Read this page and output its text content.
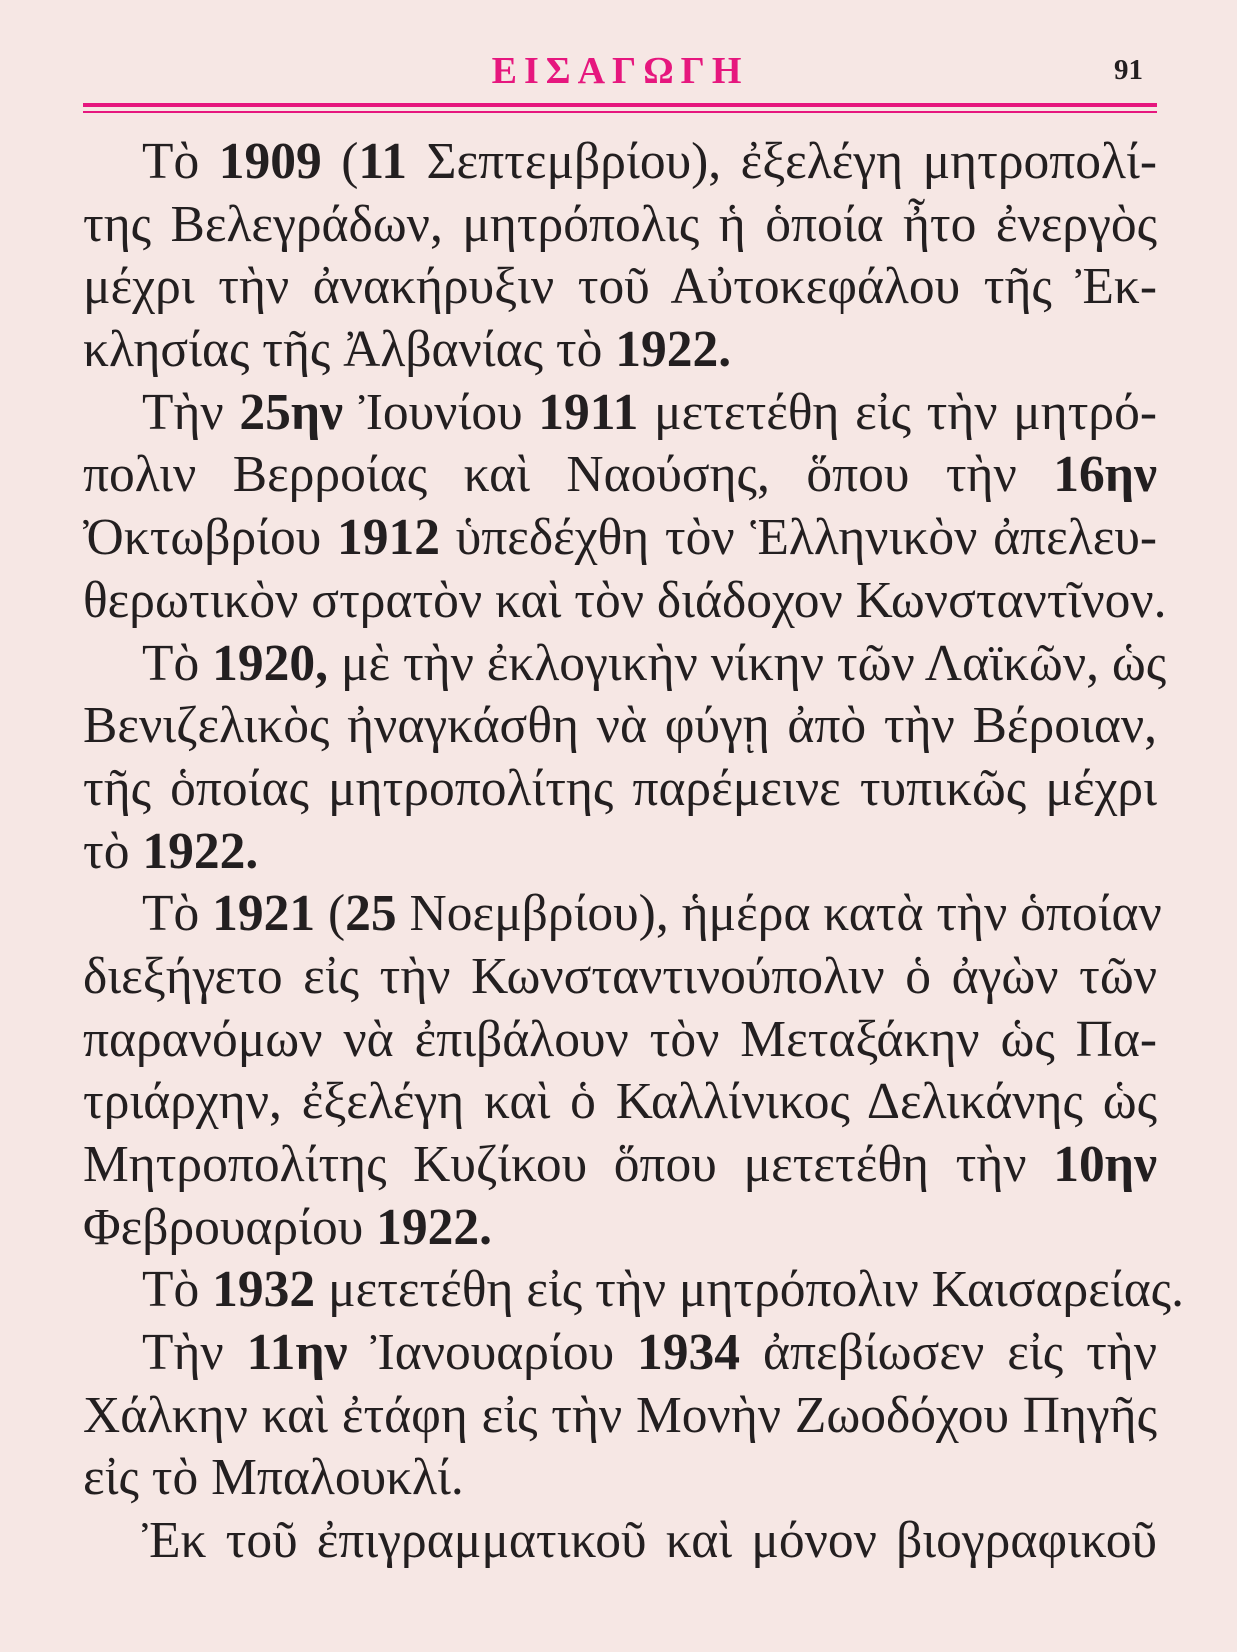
ΕΙΣΑΓΩΓΗ	91
Τὸ 1909 (11 Σεπτεμβρίου), ἐξελέγη μητροπολί-
της Βελεγράδων, μητρόπολις ἡ ὁποία ἦτο ἐνεργὸς
μέχρι τὴν ἀνακήρυξιν τοῦ Αὐτοκεφάλου τῆς Ἐκ-
κλησίας τῆς Ἀλβανίας τὸ 1922.
Τὴν 25ην Ἰουνίου 1911 μετετέθη εἰς τὴν μητρό-
πολιν Βερροίας καὶ Ναούσης, ὅπου τὴν 16ην
Ὀκτωβρίου 1912 ὑπεδέχθη τὸν Ἑλληνικὸν ἀπελευ-
θερωτικὸν στρατὸν καὶ τὸν διάδοχον Κωνσταντῖνον.
Τὸ 1920, μὲ τὴν ἐκλογικὴν νίκην τῶν Λαϊκῶν, ὡς
Βενιζελικὸς ἠναγκάσθη νὰ φύγῃ ἀπὸ τὴν Βέροιαν,
τῆς ὁποίας μητροπολίτης παρέμεινε τυπικῶς μέχρι
τὸ 1922.
Τὸ 1921 (25 Νοεμβρίου), ἡμέρα κατὰ τὴν ὁποίαν
διεξήγετο εἰς τὴν Κωνσταντινούπολιν ὁ ἀγὼν τῶν
παρανόμων νὰ ἐπιβάλουν τὸν Μεταξάκην ὡς Πα-
τριάρχην, ἐξελέγη καὶ ὁ Καλλίνικος Δελικάνης ὡς
Μητροπολίτης Κυζίκου ὅπου μετετέθη τὴν 10ην
Φεβρουαρίου 1922.
Τὸ 1932 μετετέθη εἰς τὴν μητρόπολιν Καισαρείας.
Τὴν 11ην Ἰανουαρίου 1934 ἀπεβίωσεν εἰς τὴν
Χάλκην καὶ ἐτάφη εἰς τὴν Μονὴν Ζωοδόχου Πηγῆς
εἰς τὸ Μπαλουκλί.
Ἐκ τοῦ ἐπιγραμματικοῦ καὶ μόνον βιογραφικοῦ
